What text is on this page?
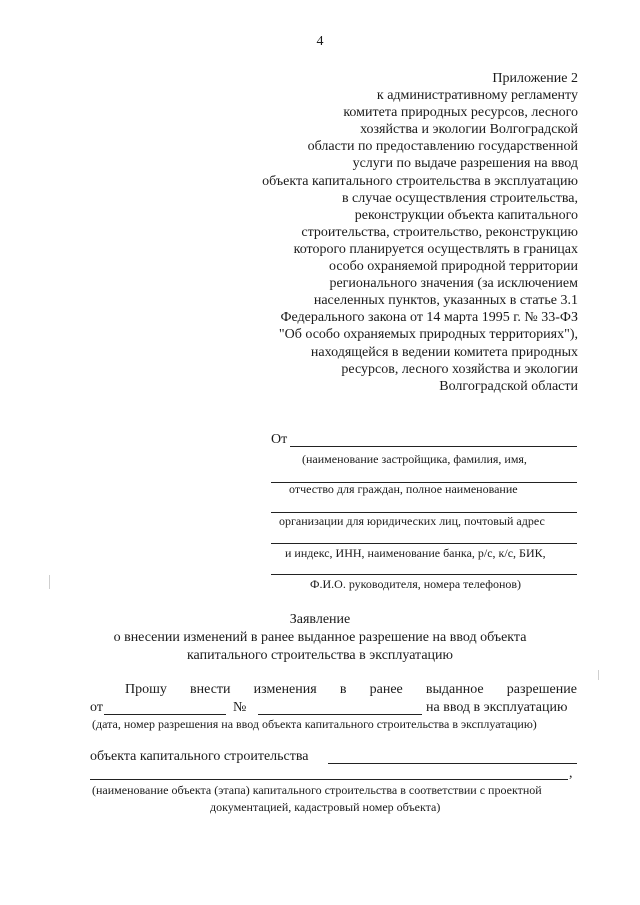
4
Приложение 2
к административному регламенту
комитета природных ресурсов, лесного
хозяйства и экологии Волгоградской
области по предоставлению государственной
услуги по выдаче разрешения на ввод
объекта капитального строительства в эксплуатацию
в случае осуществления строительства,
реконструкции объекта капитального
строительства, строительство, реконструкцию
которого планируется осуществлять в границах
особо охраняемой природной территории
регионального значения (за исключением
населенных пунктов, указанных в статье 3.1
Федерального закона от 14 марта 1995 г. № 33-ФЗ
"Об особо охраняемых природных территориях"),
находящейся в ведении комитета природных
ресурсов, лесного хозяйства и экологии
Волгоградской области
От
(наименование застройщика, фамилия, имя,
отчество для граждан, полное наименование
организации для юридических лиц, почтовый адрес
и индекс, ИНН, наименование банка, р/с, к/с, БИК,
Ф.И.О. руководителя, номера телефонов)
Заявление
о внесении изменений в ранее выданное разрешение на ввод объекта
капитального строительства в эксплуатацию
Прошу внести изменения в ранее выданное разрешение
от	№	на ввод в эксплуатацию
(дата, номер разрешения на ввод объекта капитального строительства в эксплуатацию)
объекта капитального строительства
,
(наименование объекта (этапа) капитального строительства в соответствии с проектной
документацией, кадастровый номер объекта)
